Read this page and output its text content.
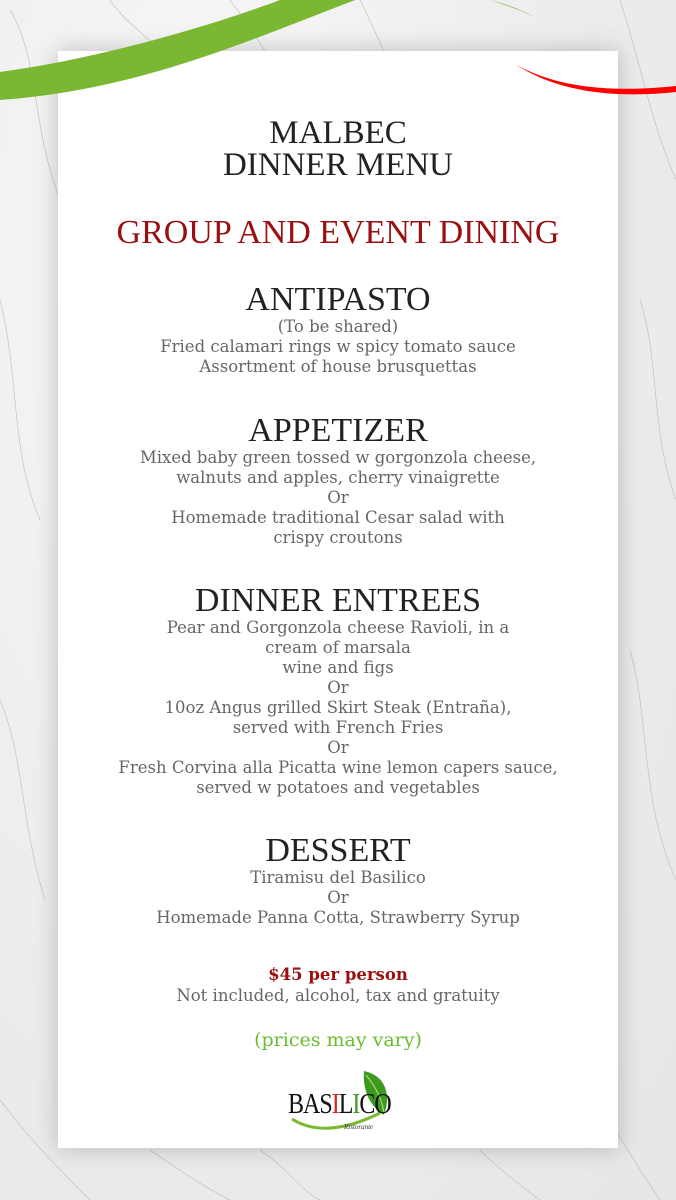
MALBEC
DINNER MENU
GROUP AND EVENT DINING
ANTIPASTO
(To be shared)
Fried calamari rings w spicy tomato sauce
Assortment of house brusquettas
APPETIZER
Mixed baby green tossed w gorgonzola cheese,
walnuts and apples, cherry vinaigrette
Or
Homemade traditional Cesar salad with
crispy croutons
DINNER ENTREES
Pear and Gorgonzola cheese Ravioli, in a
cream of marsala
wine and figs
Or
10oz Angus grilled Skirt Steak (Entraña),
served with French Fries
Or
Fresh Corvina alla Picatta wine lemon capers sauce,
served w potatoes and vegetables
DESSERT
Tiramisu del Basilico
Or
Homemade Panna Cotta, Strawberry Syrup
$45 per person
Not included, alcohol, tax and gratuity
(prices may vary)
BASILICO
Ristorante
